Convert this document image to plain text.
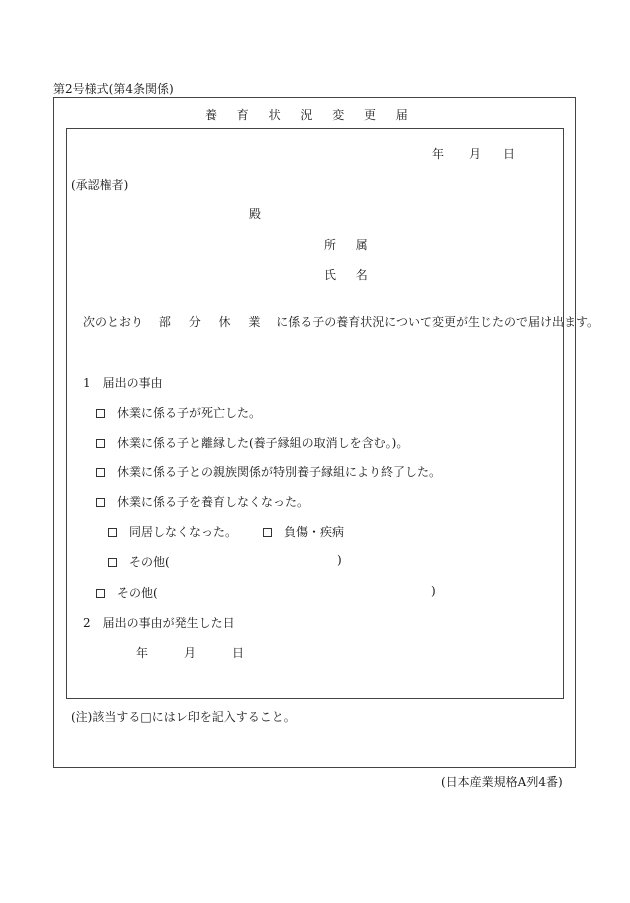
第2号様式(第4条関係)
養育状況変更届
年 月 日
(承認権者)
殿
所属
氏名
次のとおり 部 分 休 業 に係る子の養育状況について変更が生じたので届け出ます。
1　届出の事由
休業に係る子が死亡した。
休業に係る子と離縁した(養子縁組の取消しを含む。)。
休業に係る子との親族関係が特別養子縁組により終了した。
休業に係る子を養育しなくなった。
同居しなくなった。	負傷・疾病
その他(	)
その他(	)
2　届出の事由が発生した日
年	月	日
(注)該当する□にはレ印を記入すること。
(日本産業規格A列4番)
